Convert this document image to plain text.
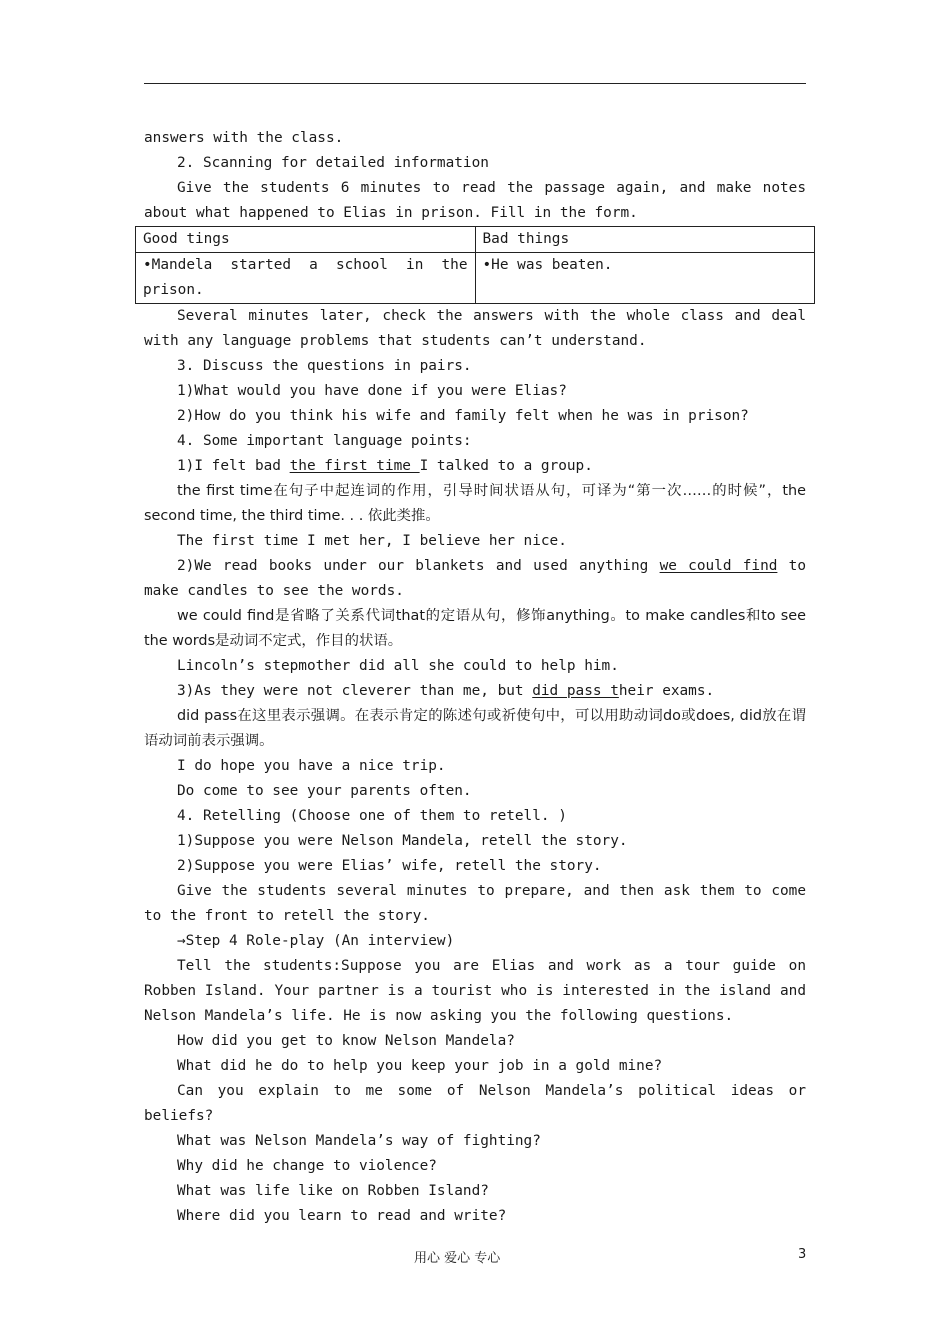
answers with the class.

2. Scanning for detailed information

Give the students 6 minutes to read the passage again, and make notes about what happened to Elias in prison. Fill in the form.

Good tings	Bad things
•Mandela started a school in the prison.	•He was beaten.

Several minutes later, check the answers with the whole class and deal with any language problems that students can’t understand.

3. Discuss the questions in pairs.

1)What would you have done if you were Elias?

2)How do you think his wife and family felt when he was in prison?

4. Some important language points:

1)I felt bad the first time I talked to a group.

the first time在句子中起连词的作用，引导时间状语从句，可译为“第一次……的时候”，the second time, the third time. . . 依此类推。

The first time I met her, I believe her nice.

2)We read books under our blankets and used anything we could find to make candles to see the words.

we could find是省略了关系代词that的定语从句，修饰anything。to make candles和to see the words是动词不定式，作目的状语。

Lincoln’s stepmother did all she could to help him.

3)As they were not cleverer than me, but did pass their exams.

did pass在这里表示强调。在表示肯定的陈述句或祈使句中，可以用助动词do或does, did放在谓语动词前表示强调。

I do hope you have a nice trip.

Do come to see your parents often.

4. Retelling (Choose one of them to retell. )

1)Suppose you were Nelson Mandela, retell the story.

2)Suppose you were Elias’ wife, retell the story.

Give the students several minutes to prepare, and then ask them to come to the front to retell the story.

→Step 4 Role-play (An interview)

Tell the students:Suppose you are Elias and work as a tour guide on Robben Island. Your partner is a tourist who is interested in the island and Nelson Mandela’s life. He is now asking you the following questions.

How did you get to know Nelson Mandela?

What did he do to help you keep your job in a gold mine?

Can you explain to me some of Nelson Mandela’s political ideas or beliefs?

What was Nelson Mandela’s way of fighting?

Why did he change to violence?

What was life like on Robben Island?

Where did you learn to read and write?

用心 爱心 专心	3
